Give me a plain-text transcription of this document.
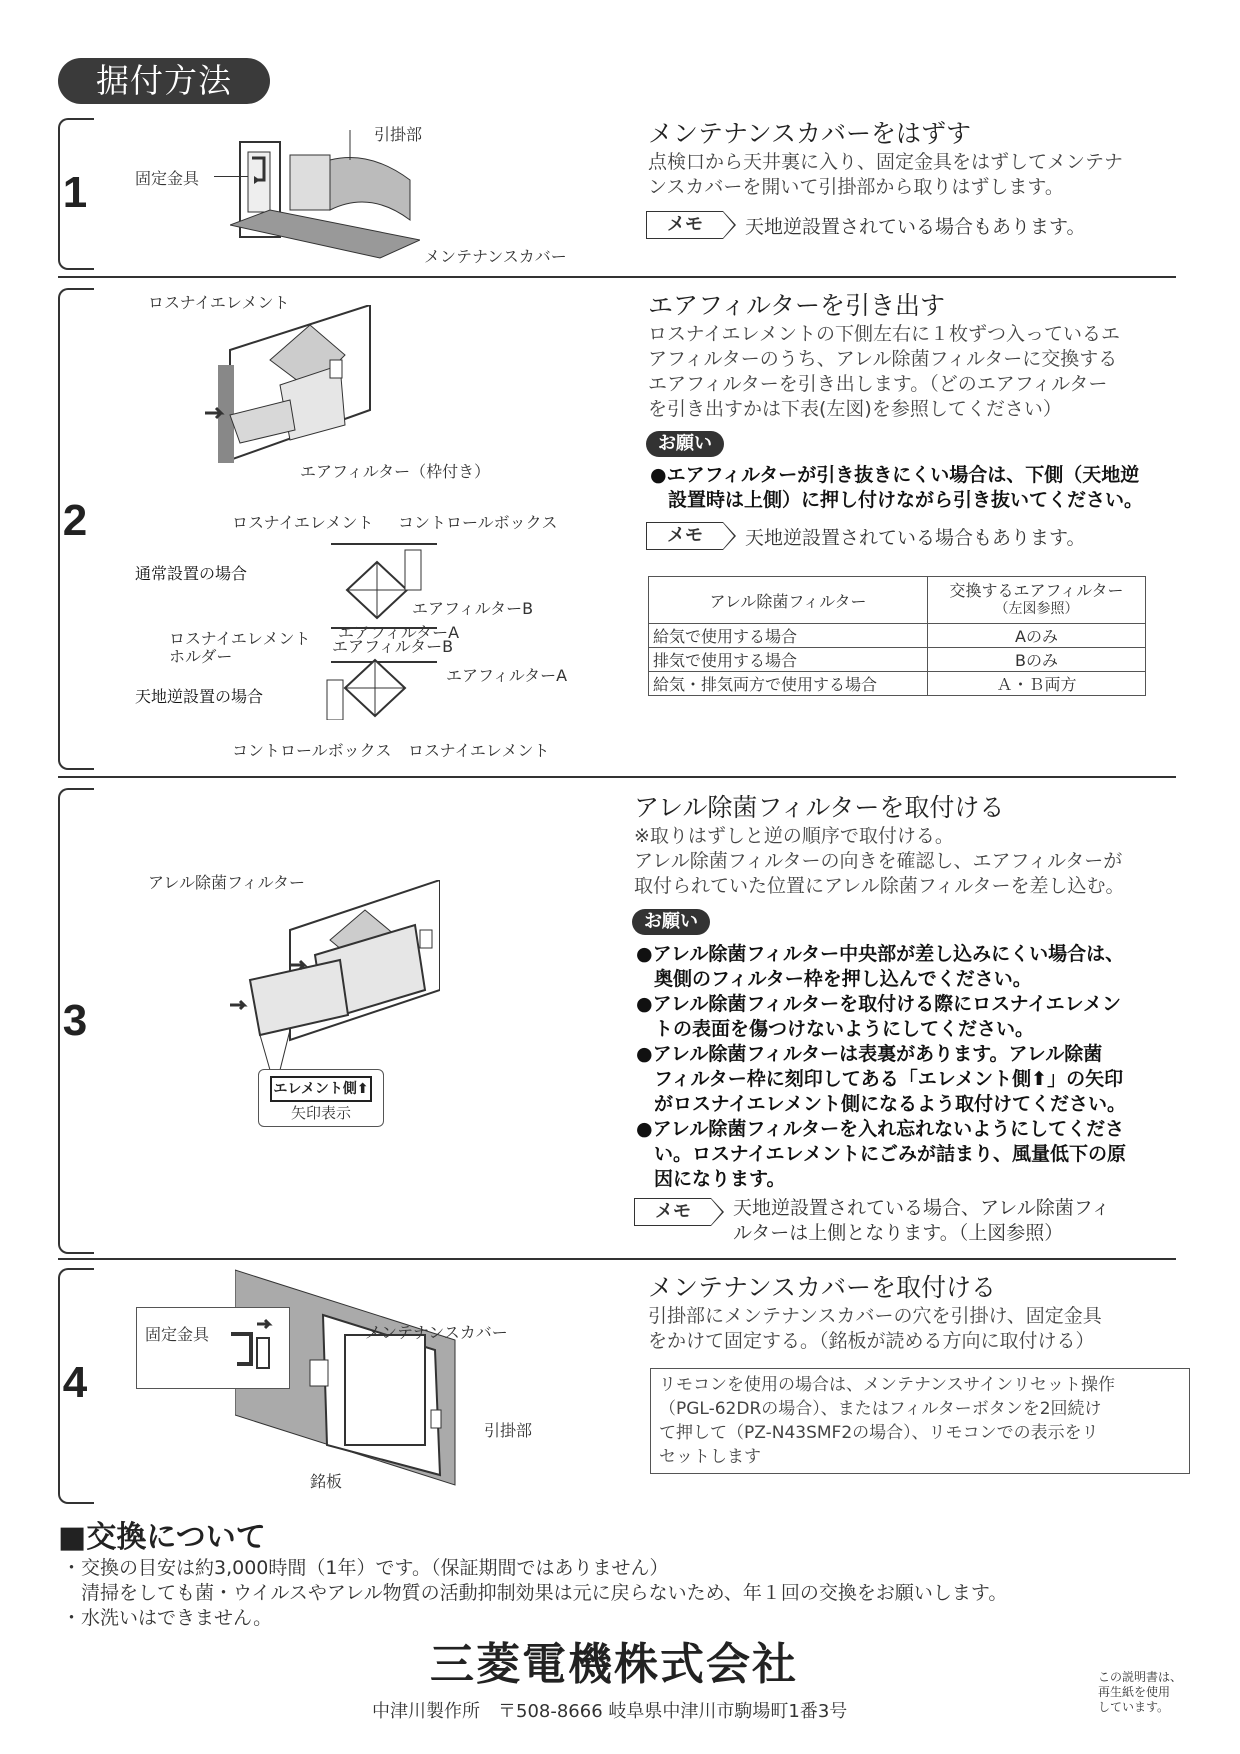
据付方法
1	固定金具
引掛部
メンテナンスカバー
メンテナンスカバーをはずす
点検口から天井裏に入り、固定金具をはずしてメンテナ
ンスカバーを開いて引掛部から取りはずします。
メモ	天地逆設置されている場合もあります。
2
ロスナイエレメント
エアフィルター（枠付き）
ロスナイエレメント コントロールボックス
通常設置の場合
エアフィルターB
ロスナイエレメント
ホルダー
エアフィルターA
エアフィルターB
エアフィルターA
天地逆設置の場合
コントロールボックス ロスナイエレメント
エアフィルターを引き出す
ロスナイエレメントの下側左右に１枚ずつ入っているエ
アフィルターのうち、アレル除菌フィルターに交換する
エアフィルターを引き出します。（どのエアフィルター
を引き出すかは下表(左図)を参照してください）
お願い
●エアフィルターが引き抜きにくい場合は、下側（天地逆
設置時は上側）に押し付けながら引き抜いてください。
メモ	天地逆設置されている場合もあります。
アレル除菌フィルター	交換するエアフィルター
（左図参照）

給気で使用する場合	Aのみ
排気で使用する場合	Bのみ
給気・排気両方で使用する場合	Ａ・Ｂ両方
3
アレル除菌フィルター
エレメント側⬆
矢印表示
アレル除菌フィルターを取付ける
※取りはずしと逆の順序で取付ける。
アレル除菌フィルターの向きを確認し、エアフィルターが
取付られていた位置にアレル除菌フィルターを差し込む。
お願い
●アレル除菌フィルター中央部が差し込みにくい場合は、
奥側のフィルター枠を押し込んでください。
●アレル除菌フィルターを取付ける際にロスナイエレメン
トの表面を傷つけないようにしてください。
●アレル除菌フィルターは表裏があります。アレル除菌
フィルター枠に刻印してある「エレメント側⬆」の矢印
がロスナイエレメント側になるよう取付けてください。
●アレル除菌フィルターを入れ忘れないようにしてくださ
い。ロスナイエレメントにごみが詰まり、風量低下の原
因になります。
メモ	天地逆設置されている場合、アレル除菌フィ
ルターは上側となります。（上図参照）
4
固定金具	メンテナンスカバー
引掛部
銘板
メンテナンスカバーを取付ける
引掛部にメンテナンスカバーの穴を引掛け、固定金具
をかけて固定する。（銘板が読める方向に取付ける）
リモコンを使用の場合は、メンテナンスサインリセット操作
（PGL-62DRの場合）、またはフィルターボタンを2回続け
て押して（PZ-N43SMF2の場合）、リモコンでの表示をリ
セットします
■交換について
・交換の目安は約3,000時間（1年）です。（保証期間ではありません）
　清掃をしても菌・ウイルスやアレル物質の活動抑制効果は元に戻らないため、年１回の交換をお願いします。
・水洗いはできません。
三菱電機株式会社
中津川製作所　〒508-8666 岐阜県中津川市駒場町1番3号
この説明書は、
再生紙を使用
しています。
